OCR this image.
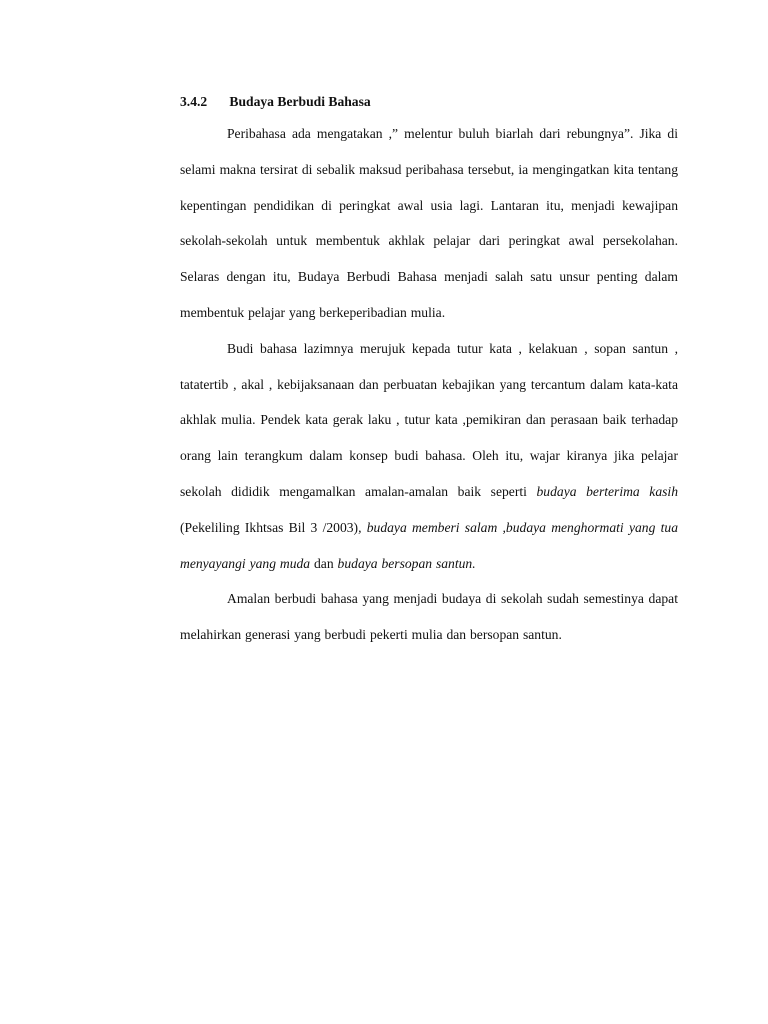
3.4.2 Budaya Berbudi Bahasa

Peribahasa ada mengatakan ,” melentur buluh biarlah dari rebungnya”. Jika di selami makna tersirat di sebalik maksud peribahasa tersebut, ia mengingatkan kita tentang kepentingan pendidikan di peringkat awal usia lagi. Lantaran itu, menjadi kewajipan sekolah-sekolah untuk membentuk akhlak pelajar dari peringkat awal persekolahan. Selaras dengan itu, Budaya Berbudi Bahasa menjadi salah satu unsur penting dalam membentuk pelajar yang berkeperibadian mulia.

Budi bahasa lazimnya merujuk kepada tutur kata , kelakuan , sopan santun , tatatertib , akal , kebijaksanaan dan perbuatan kebajikan yang tercantum dalam kata-kata akhlak mulia. Pendek kata gerak laku , tutur kata ,pemikiran dan perasaan baik terhadap orang lain terangkum dalam konsep budi bahasa. Oleh itu, wajar kiranya jika pelajar sekolah dididik mengamalkan amalan-amalan baik seperti budaya berterima kasih (Pekeliling Ikhtsas Bil 3 /2003), budaya memberi salam ,budaya menghormati yang tua menyayangi yang muda dan budaya bersopan santun.

Amalan berbudi bahasa yang menjadi budaya di sekolah sudah semestinya dapat melahirkan generasi yang berbudi pekerti mulia dan bersopan santun.
